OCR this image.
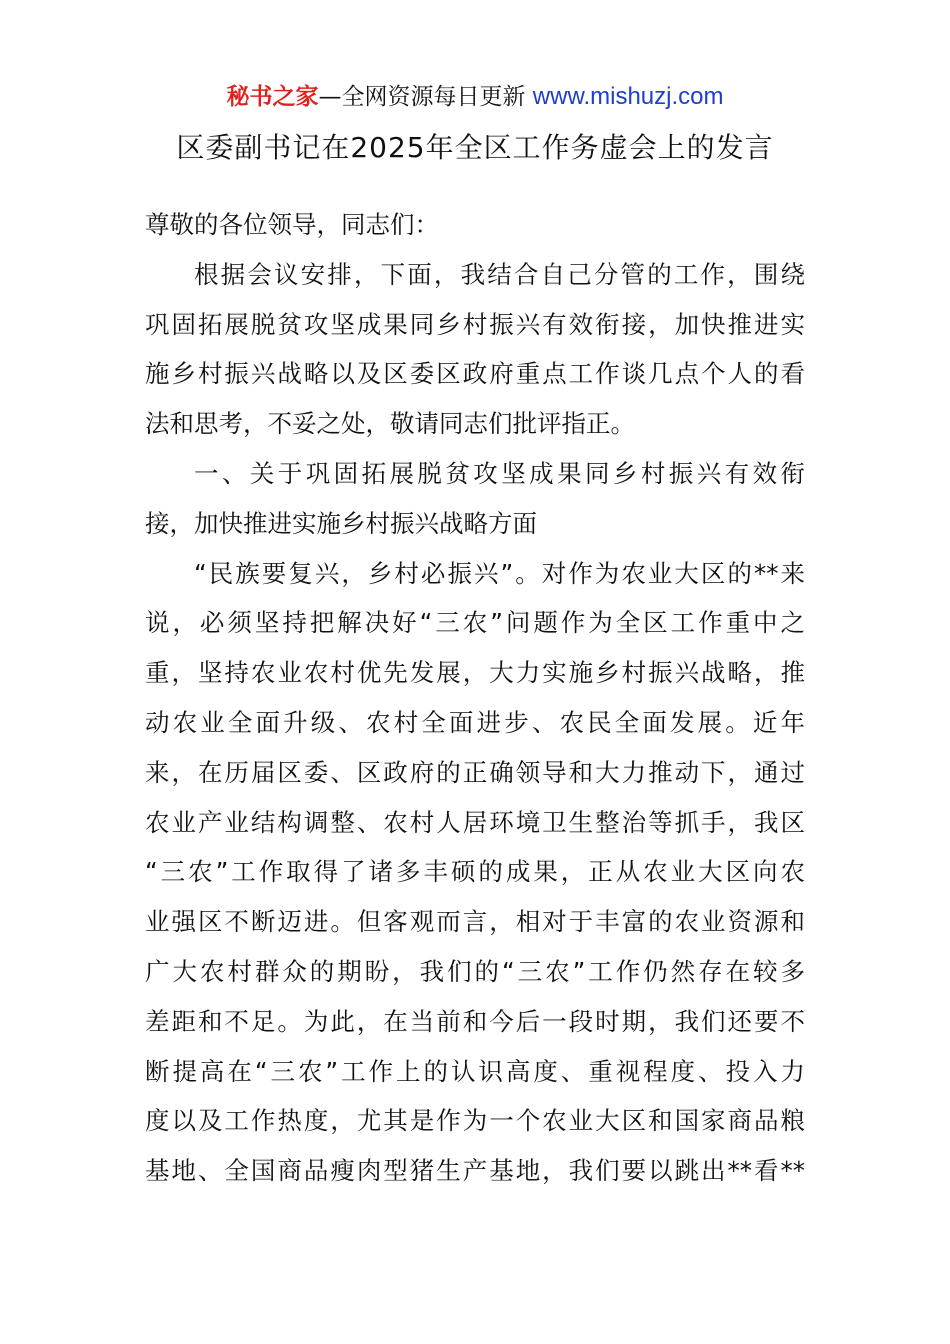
秘书之家—全网资源每日更新 www.mishuzj.com
区委副书记在2025年全区工作务虚会上的发言
尊敬的各位领导，同志们：
根据会议安排，下面，我结合自己分管的工作，围绕
巩固拓展脱贫攻坚成果同乡村振兴有效衔接，加快推进实
施乡村振兴战略以及区委区政府重点工作谈几点个人的看
法和思考，不妥之处，敬请同志们批评指正。
一、关于巩固拓展脱贫攻坚成果同乡村振兴有效衔
接，加快推进实施乡村振兴战略方面
“民族要复兴，乡村必振兴”。对作为农业大区的**来
说，必须坚持把解决好“三农”问题作为全区工作重中之
重，坚持农业农村优先发展，大力实施乡村振兴战略，推
动农业全面升级、农村全面进步、农民全面发展。近年
来，在历届区委、区政府的正确领导和大力推动下，通过
农业产业结构调整、农村人居环境卫生整治等抓手，我区
“三农”工作取得了诸多丰硕的成果，正从农业大区向农
业强区不断迈进。但客观而言，相对于丰富的农业资源和
广大农村群众的期盼，我们的“三农”工作仍然存在较多
差距和不足。为此，在当前和今后一段时期，我们还要不
断提高在“三农”工作上的认识高度、重视程度、投入力
度以及工作热度，尤其是作为一个农业大区和国家商品粮
基地、全国商品瘦肉型猪生产基地，我们要以跳出**看**
